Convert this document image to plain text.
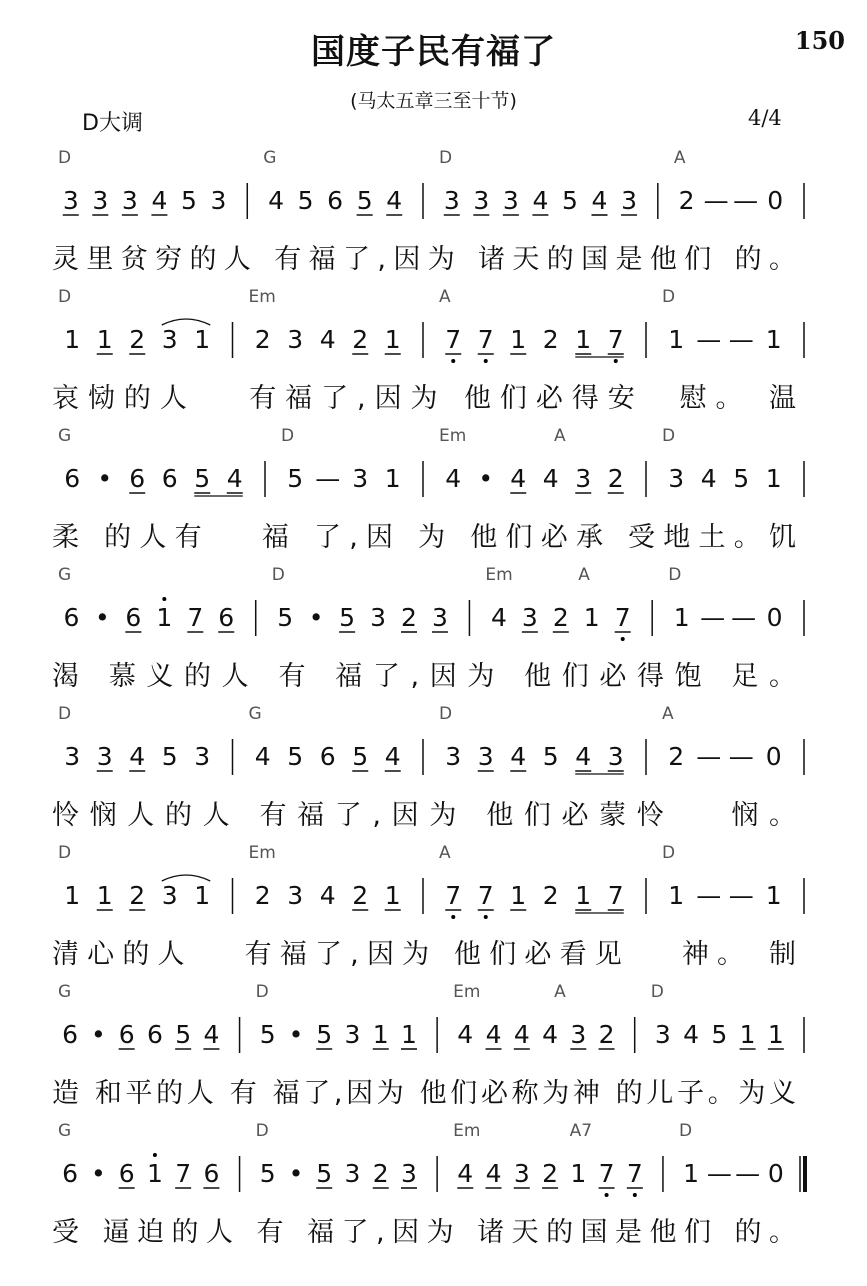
国度子民有福了	150
(马太五章三至十节)
D大调	4/4
3 3 3 4 5 3 4 5 6 5 4 3 3 3 4 5 4 3 2 — — 0
D	G	D	A
灵里贫穷的人 有福了,因为 诸天的国是他们 的。
1 1 2 3 1 2 3 4 2 1 7 7 1 2 1 7 1 — — 1
D	Em	A	D
哀恸的人　 有福了,因为 他们必得安　慰。 温
6 • 6 6 5 4 5 — 3 1 4 • 4 4 3 2 3 4 5 1
G	D	Em	A	D
柔 的人有　 福 了,因 为 他们必承 受地土。饥
6 • 6 1 7 6 5 • 5 3 2 3 4 3 2 1 7 1 — — 0
G	D	Em	A	D
渴 慕义的人 有 福了,因为 他们必得饱 足。
3 3 4 5 3 4 5 6 5 4 3 3 4 5 4 3 2 — — 0
D	G	D	A
怜悯人的人 有福了,因为 他们必蒙怜　 悯。
1 1 2 3 1 2 3 4 2 1 7 7 1 2 1 7 1 — — 1
D	Em	A	D
清心的人　 有福了,因为 他们必看见　 神。 制
6 • 6 6 5 4 5 • 5 3 1 1 4 4 4 4 3 2 3 4 5 1 1
G	D	Em	A	D
造 和平的人 有 福了,因为 他们必称为神 的儿子。为义
6 • 6 1 7 6 5 • 5 3 2 3 4 4 3 2 1 7 7 1 — — 0
G	D	Em	A7	D
受 逼迫的人 有 福了,因为 诸天的国是他们 的。
